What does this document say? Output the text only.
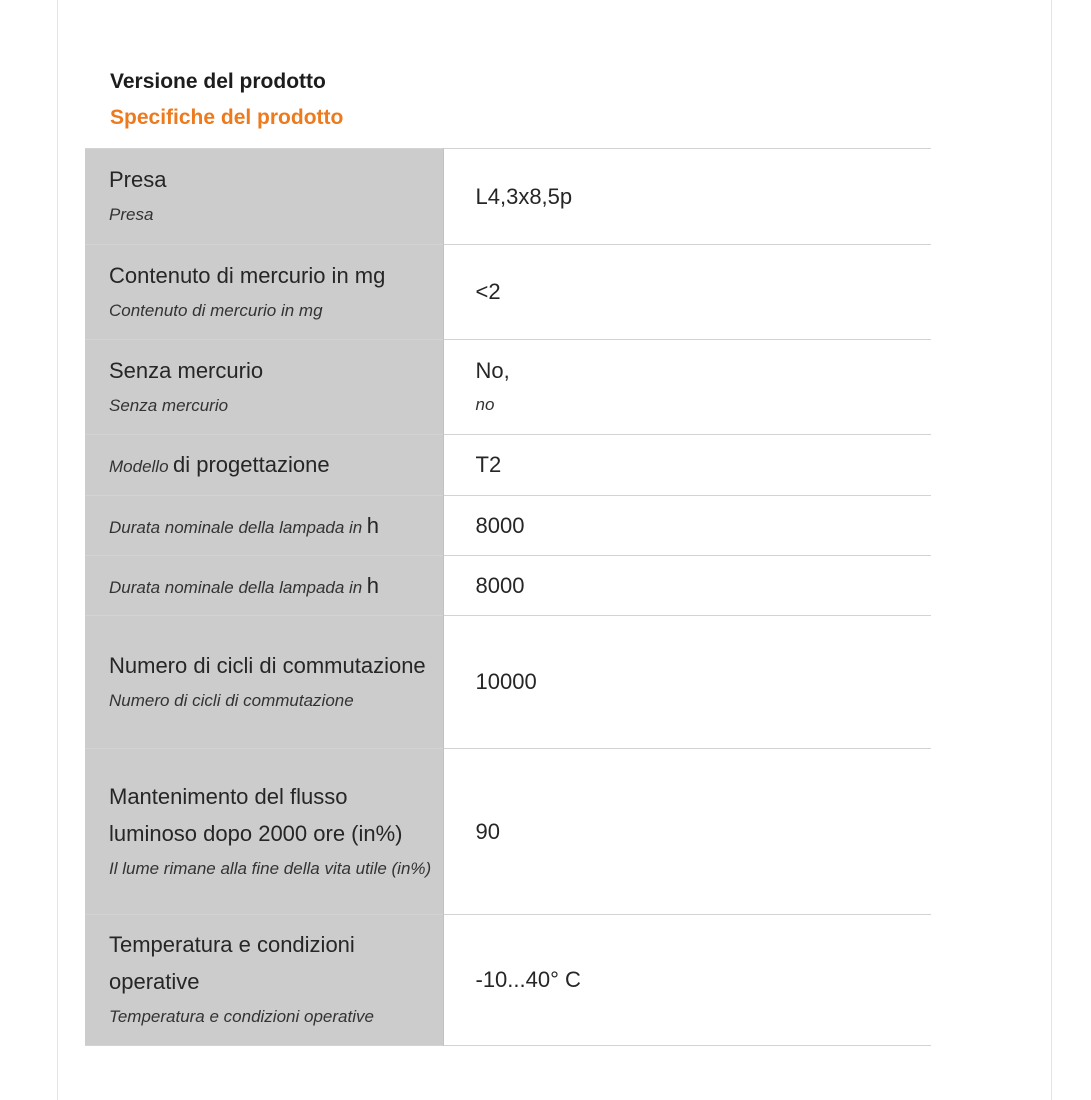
Versione del prodotto
Specifiche del prodotto
Presa
Presa	L4,3x8,5p

Contenuto di mercurio in mg
Contenuto di mercurio in mg	<2

Senza mercurio
Senza mercurio	No,
no

Modello di progettazione	T2

Durata nominale della lampada in h	8000

Durata nominale della lampada in h	8000

Numero di cicli di commutazione
Numero di cicli di commutazione	10000

Mantenimento del flusso luminoso dopo 2000 ore (in%)
Il lume rimane alla fine della vita utile (in%)	90

Temperatura e condizioni operative
Temperatura e condizioni operative	-10...40° C
